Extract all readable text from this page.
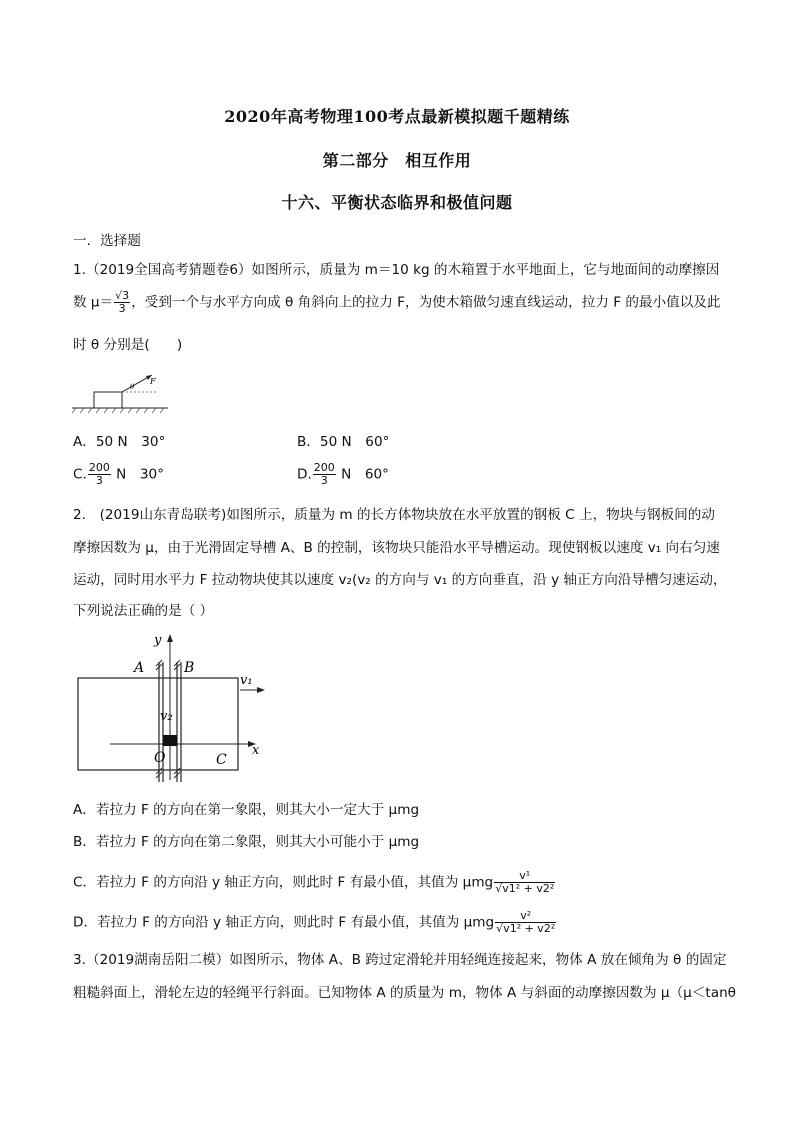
2020年高考物理100考点最新模拟题千题精练
第二部分　相互作用
十六、平衡状态临界和极值问题
一．选择题
1.（2019全国高考猜题卷6）如图所示，质量为 m＝10 kg 的木箱置于水平地面上，它与地面间的动摩擦因
数 $\mu= \frac{√3}{3}$ ，受到一个与水平方向成 θ 角斜向上的拉力 F，为使木箱做匀速直线运动，拉力 F 的最小值以及此
时 θ 分别是(　　)
θ
F
A．50 N　30°	B．50 N　60°
C. $\frac{200}{3}$ N　30°	D. $\frac{200}{3}$ N　60°
2.　(2019山东青岛联考)如图所示，质量为 m 的长方体物块放在水平放置的钢板 C 上，物块与钢板间的动
摩擦因数为 μ，由于光滑固定导槽 A、B 的控制，该物块只能沿水平导槽运动。现使钢板以速度 v₁ 向右匀速
运动，同时用水平力 F 拉动物块使其以速度 v₂(v₂ 的方向与 v₁ 的方向垂直，沿 y 轴正方向沿导槽匀速运动，
下列说法正确的是（ ）
y
x
A	B
v₁
v₂
O	C
A．若拉力 F 的方向在第一象限，则其大小一定大于 μmg
B．若拉力 F 的方向在第二象限，则其大小可能小于 μmg
C．若拉力 F 的方向沿 y 轴正方向，则此时 F 有最小值，其值为 μmg $\frac{\text{v¹}}{\text{√v1² + v2²}}$
D．若拉力 F 的方向沿 y 轴正方向，则此时 F 有最小值，其值为 μmg $\frac{\text{v²}}{\text{√v1² + v2²}}$
3.（2019湖南岳阳二模）如图所示，物体 A、B 跨过定滑轮并用轻绳连接起来，物体 A 放在倾角为 θ 的固定
粗糙斜面上，滑轮左边的轻绳平行斜面。已知物体 A 的质量为 m，物体 A 与斜面的动摩擦因数为 μ（μ＜tanθ
